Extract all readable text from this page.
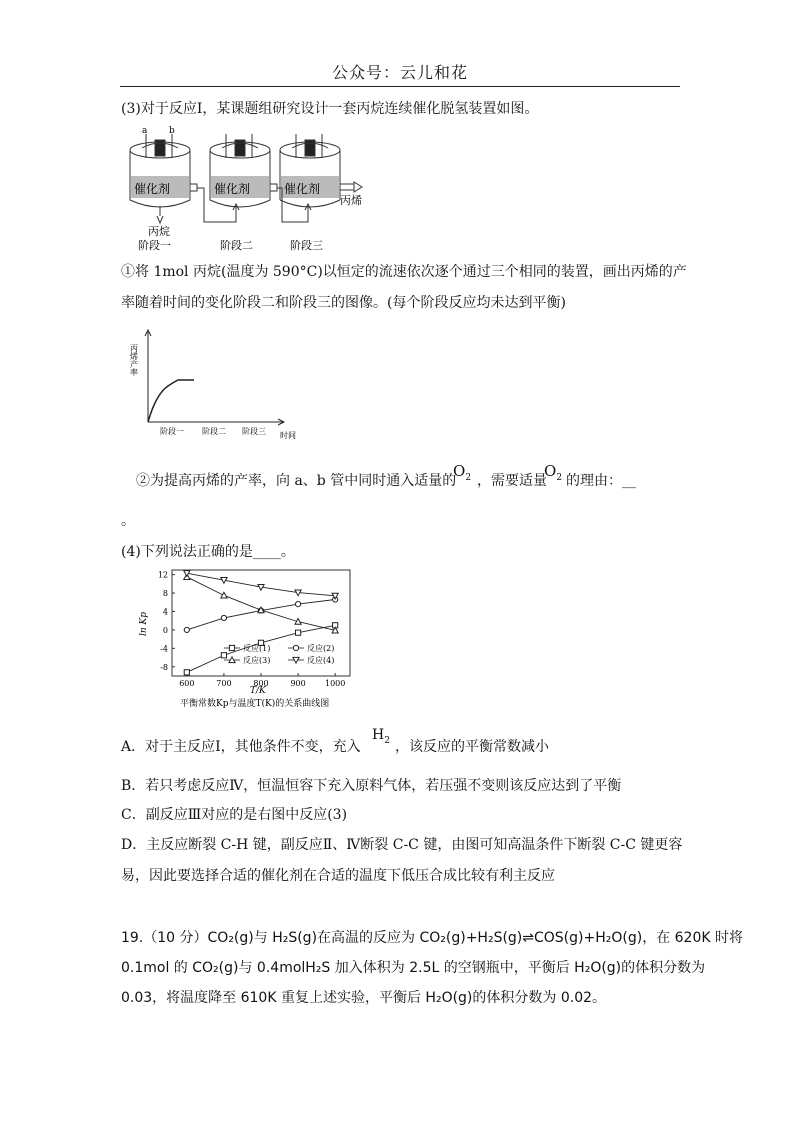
公众号：云儿和花
(3)对于反应Ⅰ，某课题组研究设计一套丙烷连续催化脱氢装置如图。
a b
催化剂	催化剂	催化剂
丙烷
丙烯
阶段一	阶段二	阶段三
①将 1mol 丙烷(温度为 590°C)以恒定的流速依次逐个通过三个相同的装置，画出丙烯的产
率随着时间的变化阶段二和阶段三的图像。(每个阶段反应均未达到平衡)
丙烯产率
阶段一 阶段二 阶段三 时间
②为提高丙烯的产率，向 a、b 管中同时通入适量的
$O_2$ ，需要适量
$O_2$ 的理由：__
。
(4)下列说法正确的是____。
600	700	800	900 1000
12
8
4
0
-4
-8
反应(1)	反应(2)
反应(3)	反应(4)
ln Kp
T/K
平衡常数Kp与温度T(K)的关系曲线图
A．对于主反应Ⅰ，其他条件不变，充入
$H_2$ ，该反应的平衡常数减小
B．若只考虑反应Ⅳ，恒温恒容下充入原料气体，若压强不变则该反应达到了平衡
C．副反应Ⅲ对应的是右图中反应(3)
D．主反应断裂 C-H 键，副反应Ⅱ、Ⅳ断裂 C-C 键，由图可知高温条件下断裂 C-C 键更容
易，因此要选择合适的催化剂在合适的温度下低压合成比较有利主反应
19.（10 分）CO₂(g)与 H₂S(g)在高温的反应为 CO₂(g)+H₂S(g)⇌COS(g)+H₂O(g)，在 620K 时将
0.1mol 的 CO₂(g)与 0.4molH₂S 加入体积为 2.5L 的空钢瓶中，平衡后 H₂O(g)的体积分数为
0.03，将温度降至 610K 重复上述实验，平衡后 H₂O(g)的体积分数为 0.02。
